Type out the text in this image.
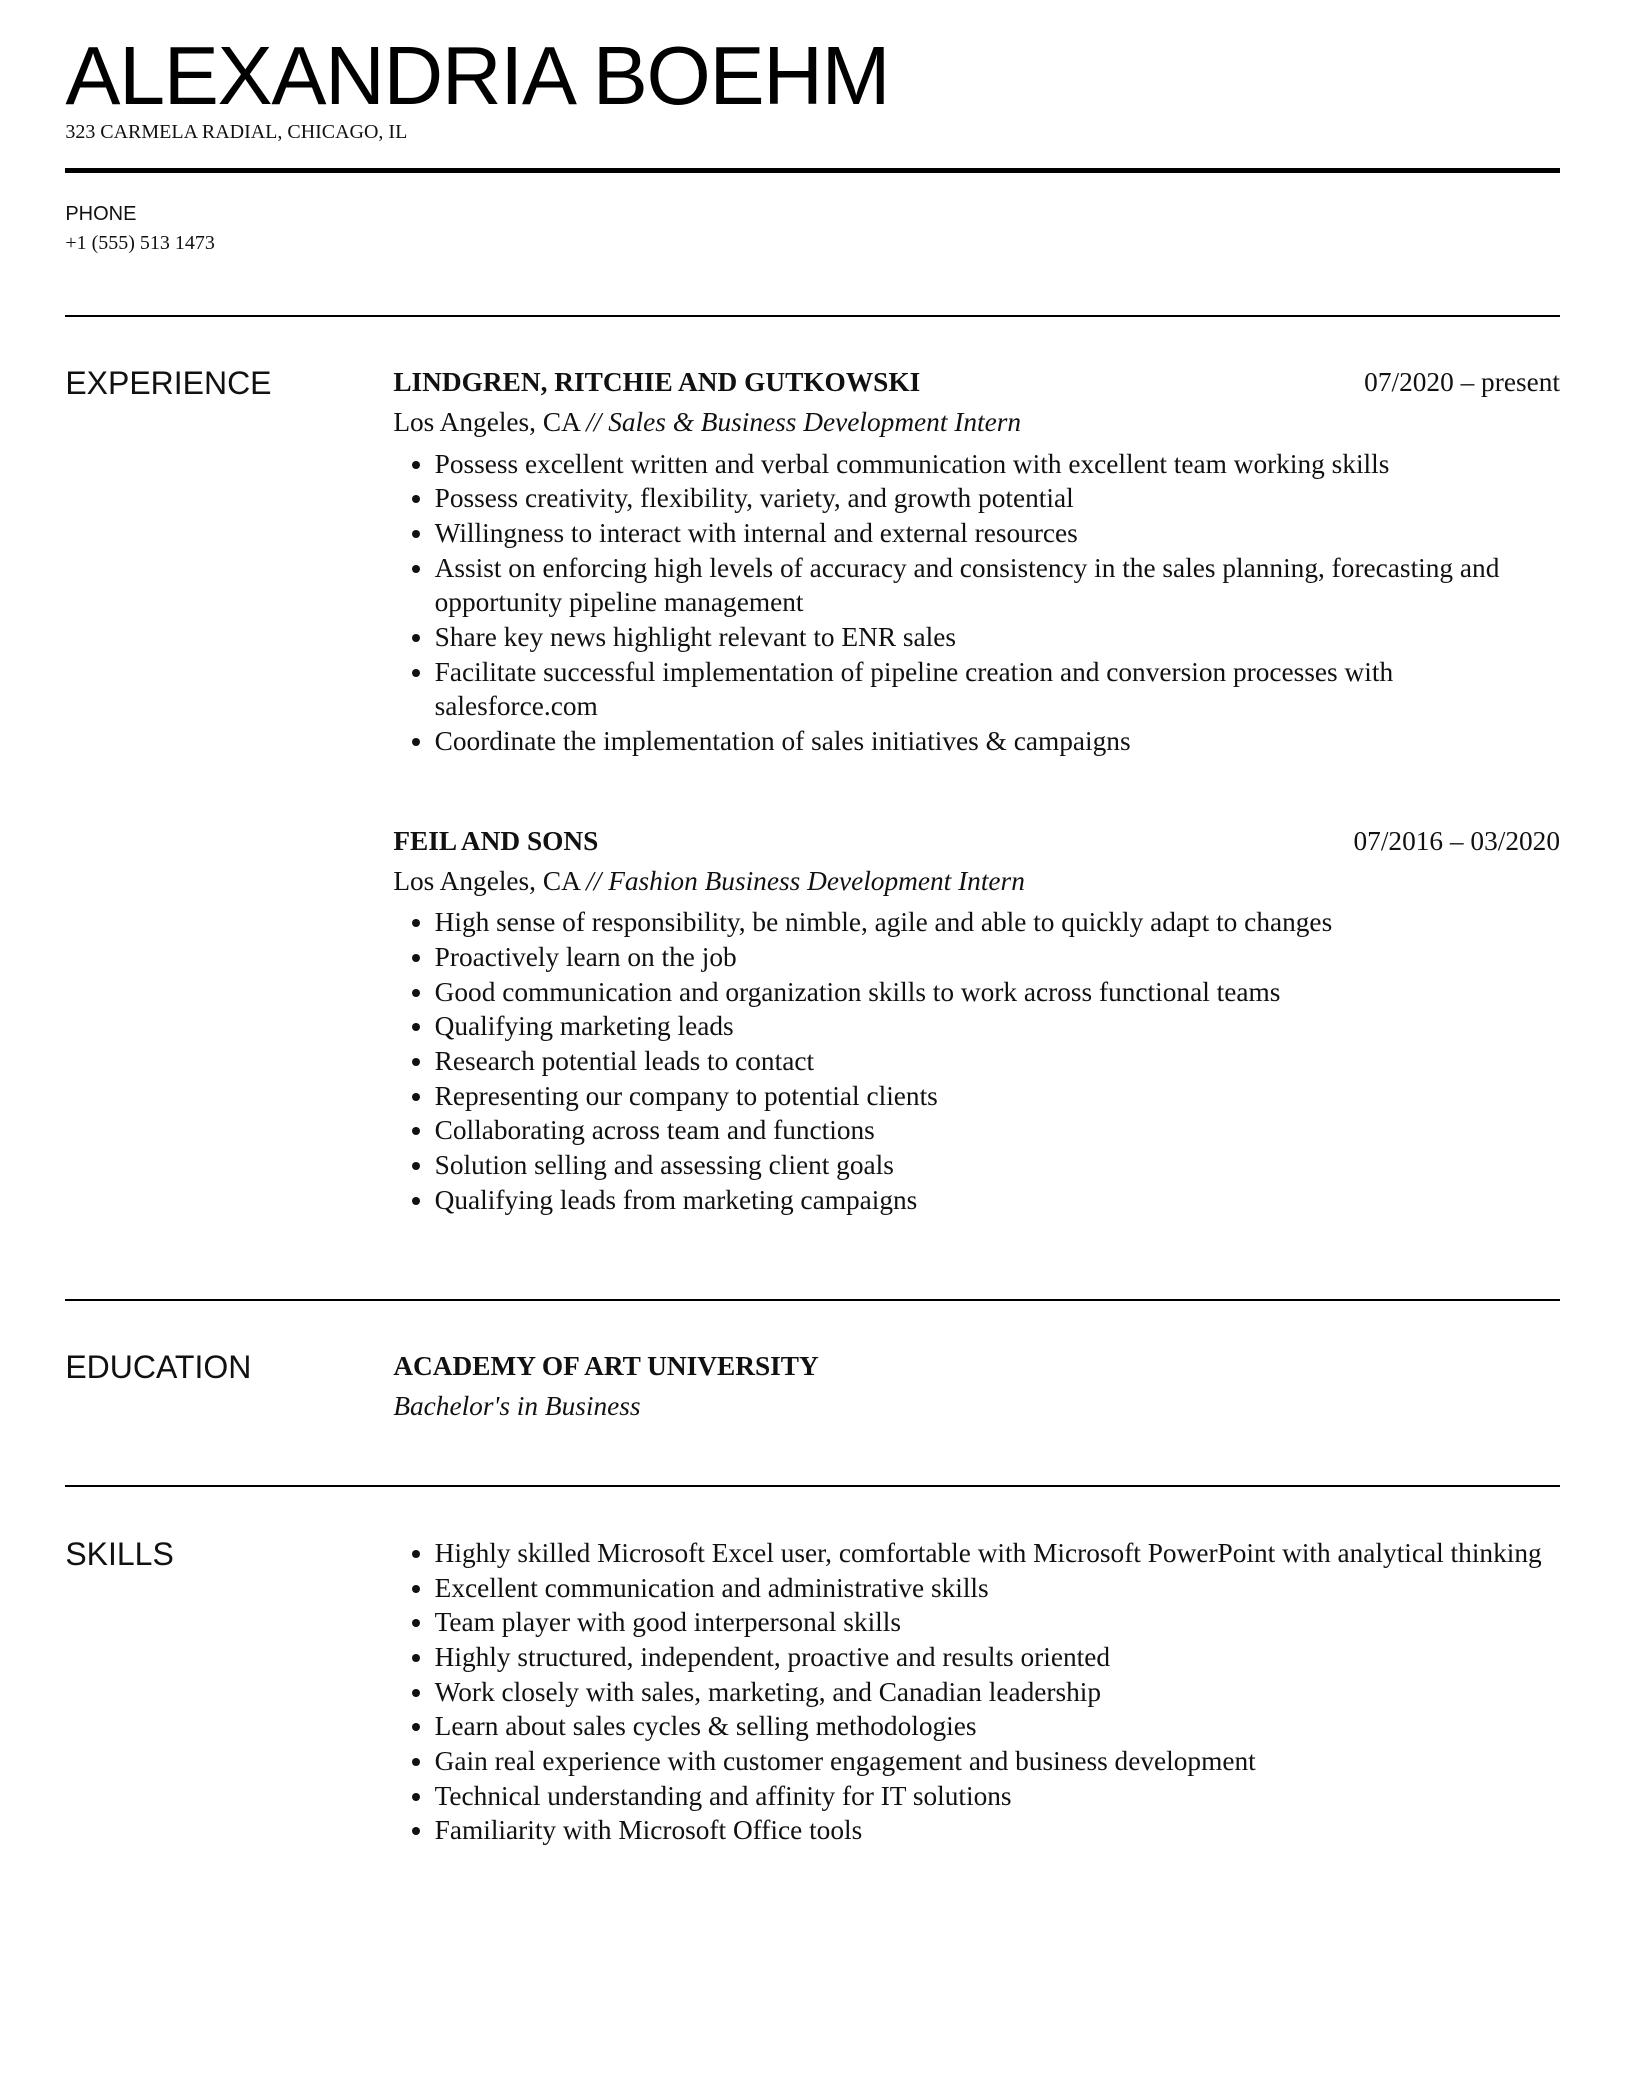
ALEXANDRIA BOEHM
323 CARMELA RADIAL, CHICAGO, IL
PHONE
+1 (555) 513 1473
EXPERIENCE	LINDGREN, RITCHIE AND GUTKOWSKI	07/2020 – present
Los Angeles, CA // Sales & Business Development Intern
• Possess excellent written and verbal communication with excellent team working skills
• Possess creativity, flexibility, variety, and growth potential
• Willingness to interact with internal and external resources
• Assist on enforcing high levels of accuracy and consistency in the sales planning, forecasting and opportunity pipeline management
• Share key news highlight relevant to ENR sales
• Facilitate successful implementation of pipeline creation and conversion processes with salesforce.com
• Coordinate the implementation of sales initiatives & campaigns
FEIL AND SONS	07/2016 – 03/2020
Los Angeles, CA // Fashion Business Development Intern
• High sense of responsibility, be nimble, agile and able to quickly adapt to changes
• Proactively learn on the job
• Good communication and organization skills to work across functional teams
• Qualifying marketing leads
• Research potential leads to contact
• Representing our company to potential clients
• Collaborating across team and functions
• Solution selling and assessing client goals
• Qualifying leads from marketing campaigns
EDUCATION	ACADEMY OF ART UNIVERSITY
Bachelor's in Business
SKILLS	• Highly skilled Microsoft Excel user, comfortable with Microsoft PowerPoint with analytical thinking
• Excellent communication and administrative skills
• Team player with good interpersonal skills
• Highly structured, independent, proactive and results oriented
• Work closely with sales, marketing, and Canadian leadership
• Learn about sales cycles & selling methodologies
• Gain real experience with customer engagement and business development
• Technical understanding and affinity for IT solutions
• Familiarity with Microsoft Office tools
